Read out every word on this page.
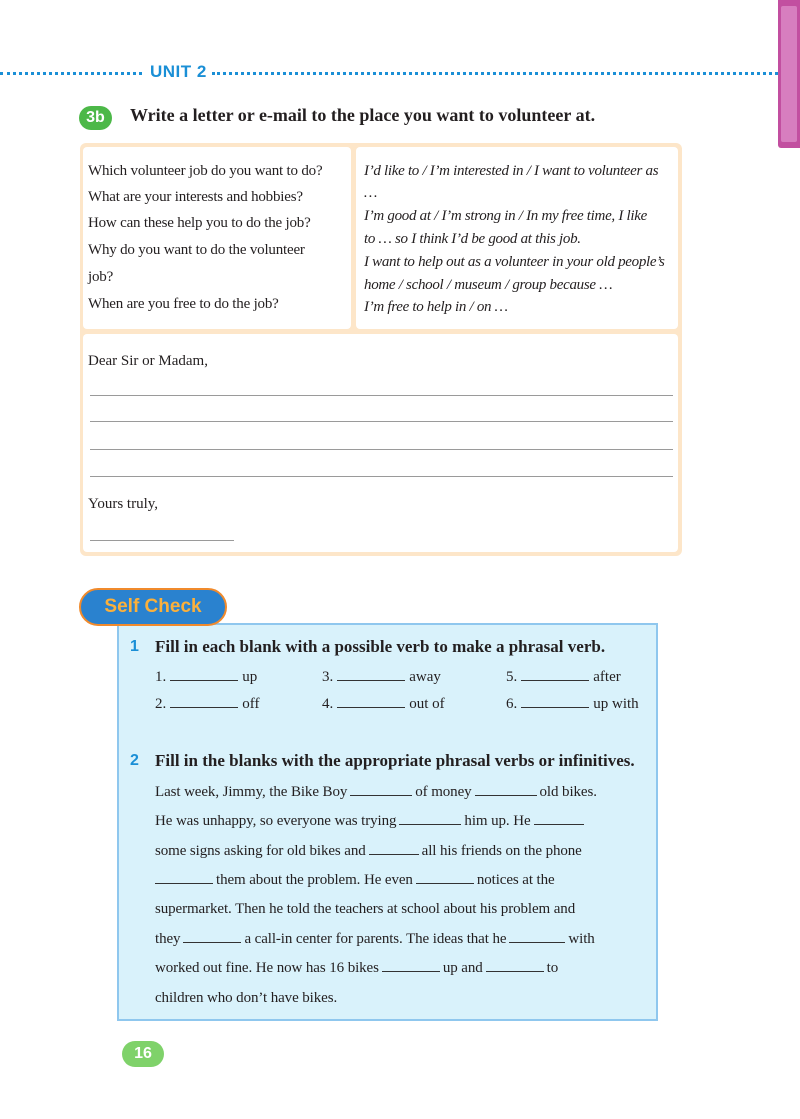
UNIT 2
3b	Write a letter or e-mail to the place you want to volunteer at.
Which volunteer job do you want to do?
What are your interests and hobbies?
How can these help you to do the job?
Why do you want to do the volunteer
job?
When are you free to do the job?
I’d like to / I’m interested in / I want to volunteer as
…
I’m good at / I’m strong in / In my free time, I like
to … so I think I’d be good at this job.
I want to help out as a volunteer in your old people’s
home / school / museum / group because …
I’m free to help in / on …
Dear Sir or Madam,
Yours truly,
Self Check
1 Fill in each blank with a possible verb to make a phrasal verb.
1.	up
2.	off
3.	away
4.	out of
5.	after
6.	up with
2 Fill in the blanks with the appropriate phrasal verbs or infinitives.
Last week, Jimmy, the Bike Boy	of money	old bikes.
He was unhappy, so everyone was trying	him up. He
some signs asking for old bikes and	all his friends on the phone
them about the problem. He even	notices at the
supermarket. Then he told the teachers at school about his problem and
they	a call-in center for parents. The ideas that he	with
worked out fine. He now has 16 bikes	up and	to
children who don’t have bikes.
16
